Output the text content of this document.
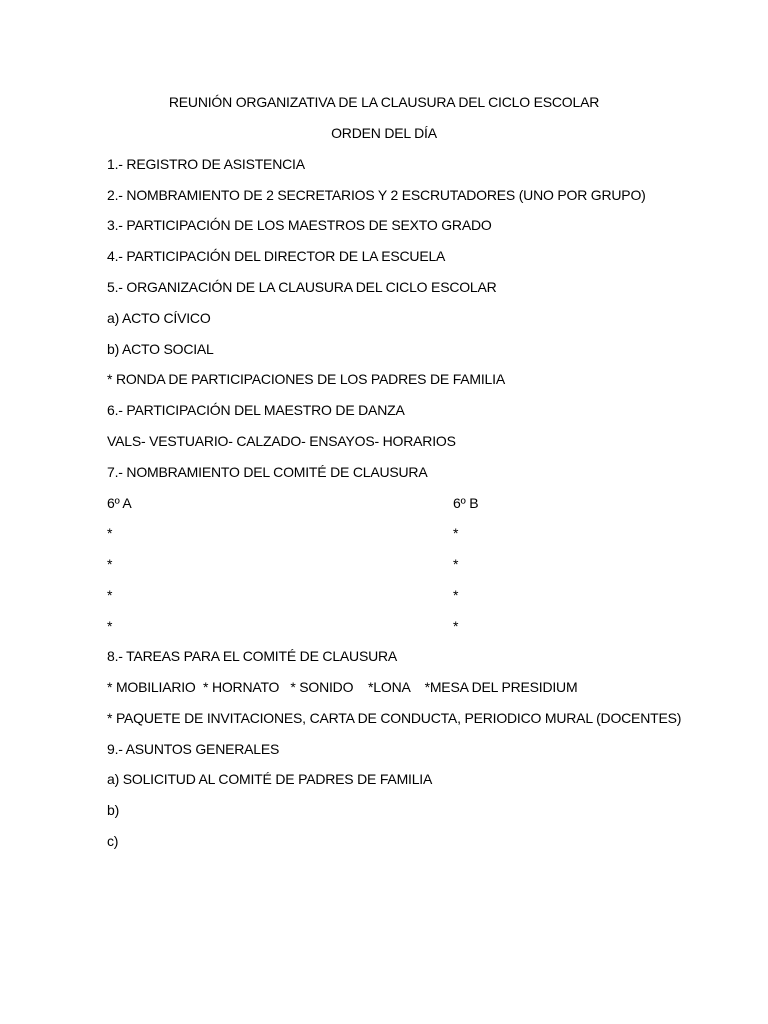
REUNIÓN ORGANIZATIVA DE LA CLAUSURA DEL CICLO ESCOLAR
ORDEN DEL DÍA
1.- REGISTRO DE ASISTENCIA
2.- NOMBRAMIENTO DE 2 SECRETARIOS Y 2 ESCRUTADORES (UNO POR GRUPO)
3.- PARTICIPACIÓN DE LOS MAESTROS DE SEXTO GRADO
4.- PARTICIPACIÓN DEL DIRECTOR DE LA ESCUELA
5.- ORGANIZACIÓN DE LA CLAUSURA DEL CICLO ESCOLAR
a) ACTO CÍVICO
b) ACTO SOCIAL
* RONDA DE PARTICIPACIONES DE LOS PADRES DE FAMILIA
6.- PARTICIPACIÓN DEL MAESTRO DE DANZA
VALS- VESTUARIO- CALZADO- ENSAYOS- HORARIOS
7.- NOMBRAMIENTO DEL COMITÉ DE CLAUSURA
6º A	6º B
*	*
*	*
*	*
*	*
8.- TAREAS PARA EL COMITÉ DE CLAUSURA
* MOBILIARIO  * HORNATO   * SONIDO    *LONA    *MESA DEL PRESIDIUM
* PAQUETE DE INVITACIONES, CARTA DE CONDUCTA, PERIODICO MURAL (DOCENTES)
9.- ASUNTOS GENERALES
a) SOLICITUD AL COMITÉ DE PADRES DE FAMILIA
b)
c)
